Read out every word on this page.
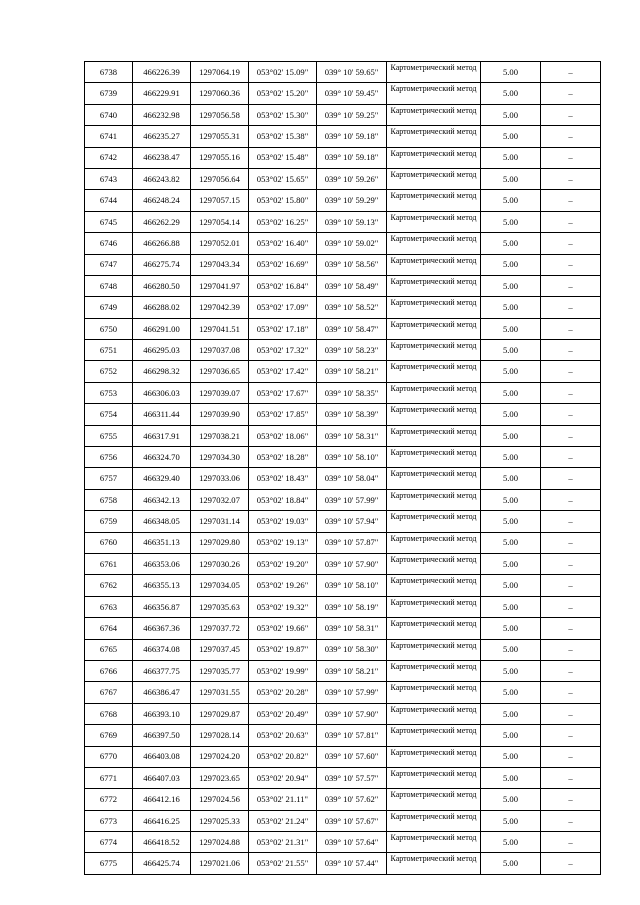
6738	466226.39	1297064.19	053°02' 15.09"	039° 10' 59.65"	Картометрический метод	5.00	–
6739	466229.91	1297060.36	053°02' 15.20"	039° 10' 59.45"	Картометрический метод	5.00	–
6740	466232.98	1297056.58	053°02' 15.30"	039° 10' 59.25"	Картометрический метод	5.00	–
6741	466235.27	1297055.31	053°02' 15.38"	039° 10' 59.18"	Картометрический метод	5.00	–
6742	466238.47	1297055.16	053°02' 15.48"	039° 10' 59.18"	Картометрический метод	5.00	–
6743	466243.82	1297056.64	053°02' 15.65"	039° 10' 59.26"	Картометрический метод	5.00	–
6744	466248.24	1297057.15	053°02' 15.80"	039° 10' 59.29"	Картометрический метод	5.00	–
6745	466262.29	1297054.14	053°02' 16.25"	039° 10' 59.13"	Картометрический метод	5.00	–
6746	466266.88	1297052.01	053°02' 16.40"	039° 10' 59.02"	Картометрический метод	5.00	–
6747	466275.74	1297043.34	053°02' 16.69"	039° 10' 58.56"	Картометрический метод	5.00	–
6748	466280.50	1297041.97	053°02' 16.84"	039° 10' 58.49"	Картометрический метод	5.00	–
6749	466288.02	1297042.39	053°02' 17.09"	039° 10' 58.52"	Картометрический метод	5.00	–
6750	466291.00	1297041.51	053°02' 17.18"	039° 10' 58.47"	Картометрический метод	5.00	–
6751	466295.03	1297037.08	053°02' 17.32"	039° 10' 58.23"	Картометрический метод	5.00	–
6752	466298.32	1297036.65	053°02' 17.42"	039° 10' 58.21"	Картометрический метод	5.00	–
6753	466306.03	1297039.07	053°02' 17.67"	039° 10' 58.35"	Картометрический метод	5.00	–
6754	466311.44	1297039.90	053°02' 17.85"	039° 10' 58.39"	Картометрический метод	5.00	–
6755	466317.91	1297038.21	053°02' 18.06"	039° 10' 58.31"	Картометрический метод	5.00	–
6756	466324.70	1297034.30	053°02' 18.28"	039° 10' 58.10"	Картометрический метод	5.00	–
6757	466329.40	1297033.06	053°02' 18.43"	039° 10' 58.04"	Картометрический метод	5.00	–
6758	466342.13	1297032.07	053°02' 18.84"	039° 10' 57.99"	Картометрический метод	5.00	–
6759	466348.05	1297031.14	053°02' 19.03"	039° 10' 57.94"	Картометрический метод	5.00	–
6760	466351.13	1297029.80	053°02' 19.13"	039° 10' 57.87"	Картометрический метод	5.00	–
6761	466353.06	1297030.26	053°02' 19.20"	039° 10' 57.90"	Картометрический метод	5.00	–
6762	466355.13	1297034.05	053°02' 19.26"	039° 10' 58.10"	Картометрический метод	5.00	–
6763	466356.87	1297035.63	053°02' 19.32"	039° 10' 58.19"	Картометрический метод	5.00	–
6764	466367.36	1297037.72	053°02' 19.66"	039° 10' 58.31"	Картометрический метод	5.00	–
6765	466374.08	1297037.45	053°02' 19.87"	039° 10' 58.30"	Картометрический метод	5.00	–
6766	466377.75	1297035.77	053°02' 19.99"	039° 10' 58.21"	Картометрический метод	5.00	–
6767	466386.47	1297031.55	053°02' 20.28"	039° 10' 57.99"	Картометрический метод	5.00	–
6768	466393.10	1297029.87	053°02' 20.49"	039° 10' 57.90"	Картометрический метод	5.00	–
6769	466397.50	1297028.14	053°02' 20.63"	039° 10' 57.81"	Картометрический метод	5.00	–
6770	466403.08	1297024.20	053°02' 20.82"	039° 10' 57.60"	Картометрический метод	5.00	–
6771	466407.03	1297023.65	053°02' 20.94"	039° 10' 57.57"	Картометрический метод	5.00	–
6772	466412.16	1297024.56	053°02' 21.11"	039° 10' 57.62"	Картометрический метод	5.00	–
6773	466416.25	1297025.33	053°02' 21.24"	039° 10' 57.67"	Картометрический метод	5.00	–
6774	466418.52	1297024.88	053°02' 21.31"	039° 10' 57.64"	Картометрический метод	5.00	–
6775	466425.74	1297021.06	053°02' 21.55"	039° 10' 57.44"	Картометрический метод	5.00	–
